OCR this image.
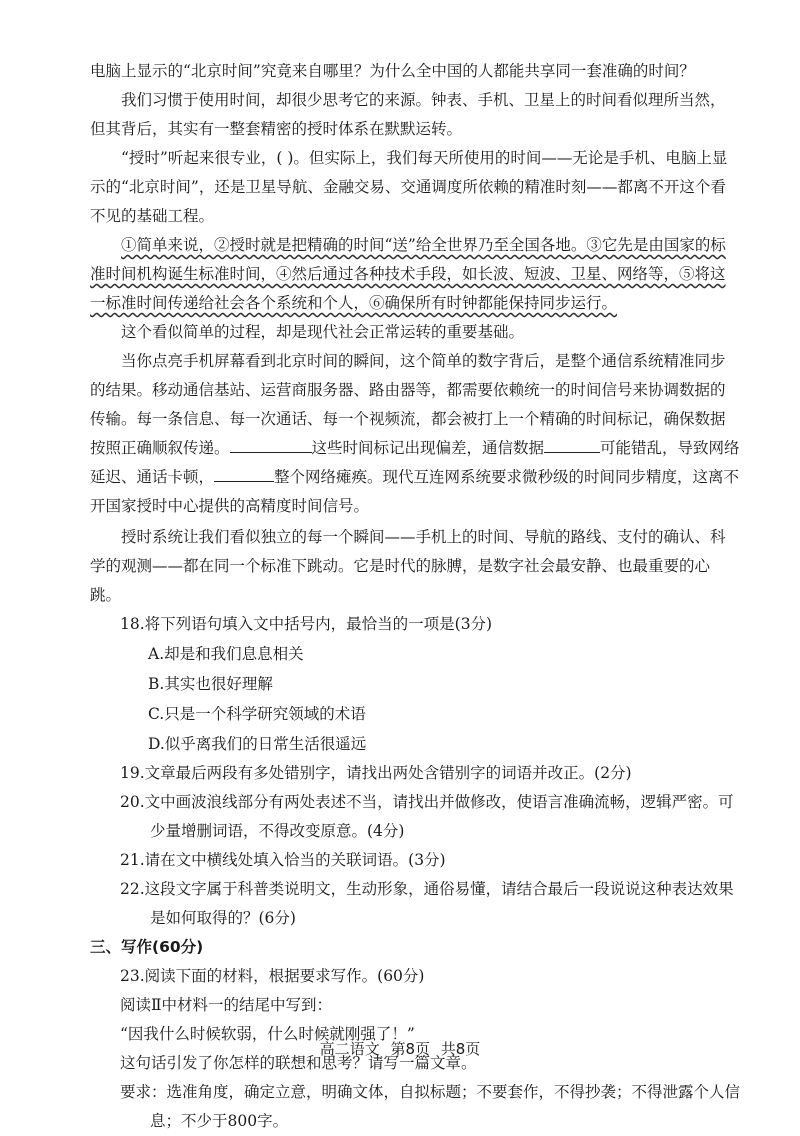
电脑上显示的“北京时间”究竟来自哪里？为什么全中国的人都能共享同一套准确的时间？

我们习惯于使用时间，却很少思考它的来源。钟表、手机、卫星上的时间看似理所当然，但其背后，其实有一整套精密的授时体系在默默运转。

“授时”听起来很专业，( )。但实际上，我们每天所使用的时间——无论是手机、电脑上显示的“北京时间”，还是卫星导航、金融交易、交通调度所依赖的精准时刻——都离不开这个看不见的基础工程。

①简单来说，②授时就是把精确的时间“送”给全世界乃至全国各地。③它先是由国家的标准时间机构诞生标准时间，④然后通过各种技术手段，如长波、短波、卫星、网络等，⑤将这一标准时间传递给社会各个系统和个人，⑥确保所有时钟都能保持同步运行。

这个看似简单的过程，却是现代社会正常运转的重要基础。

当你点亮手机屏幕看到北京时间的瞬间，这个简单的数字背后，是整个通信系统精准同步的结果。移动通信基站、运营商服务器、路由器等，都需要依赖统一的时间信号来协调数据的传输。每一条信息、每一次通话、每一个视频流，都会被打上一个精确的时间标记，确保数据按照正确顺叙传递。	这些时间标记出现偏差，通信数据	可能错乱，导致网络延迟、通话卡顿，	整个网络瘫痪。现代互连网系统要求微秒级的时间同步精度，这离不开国家授时中心提供的高精度时间信号。

授时系统让我们看似独立的每一个瞬间——手机上的时间、导航的路线、支付的确认、科学的观测——都在同一个标准下跳动。它是时代的脉膊，是数字社会最安静、也最重要的心跳。

18.将下列语句填入文中括号内，最恰当的一项是(3分)

A.却是和我们息息相关

B.其实也很好理解

C.只是一个科学研究领域的术语

D.似乎离我们的日常生活很遥远

19.文章最后两段有多处错别字，请找出两处含错别字的词语并改正。(2分)

20.文中画波浪线部分有两处表述不当，请找出并做修改，使语言准确流畅，逻辑严密。可少量增删词语，不得改变原意。(4分)

21.请在文中横线处填入恰当的关联词语。(3分)

22.这段文字属于科普类说明文，生动形象，通俗易懂，请结合最后一段说说这种表达效果是如何取得的？(6分)

三、写作(60分)

23.阅读下面的材料，根据要求写作。(60分)

阅读Ⅱ中材料一的结尾中写到：

“因我什么时候软弱，什么时候就刚强了！”

这句话引发了你怎样的联想和思考？请写一篇文章。

要求：选准角度，确定立意，明确文体，自拟标题；不要套作，不得抄袭；不得泄露个人信息；不少于800字。

高二语文 第8页 共8页
